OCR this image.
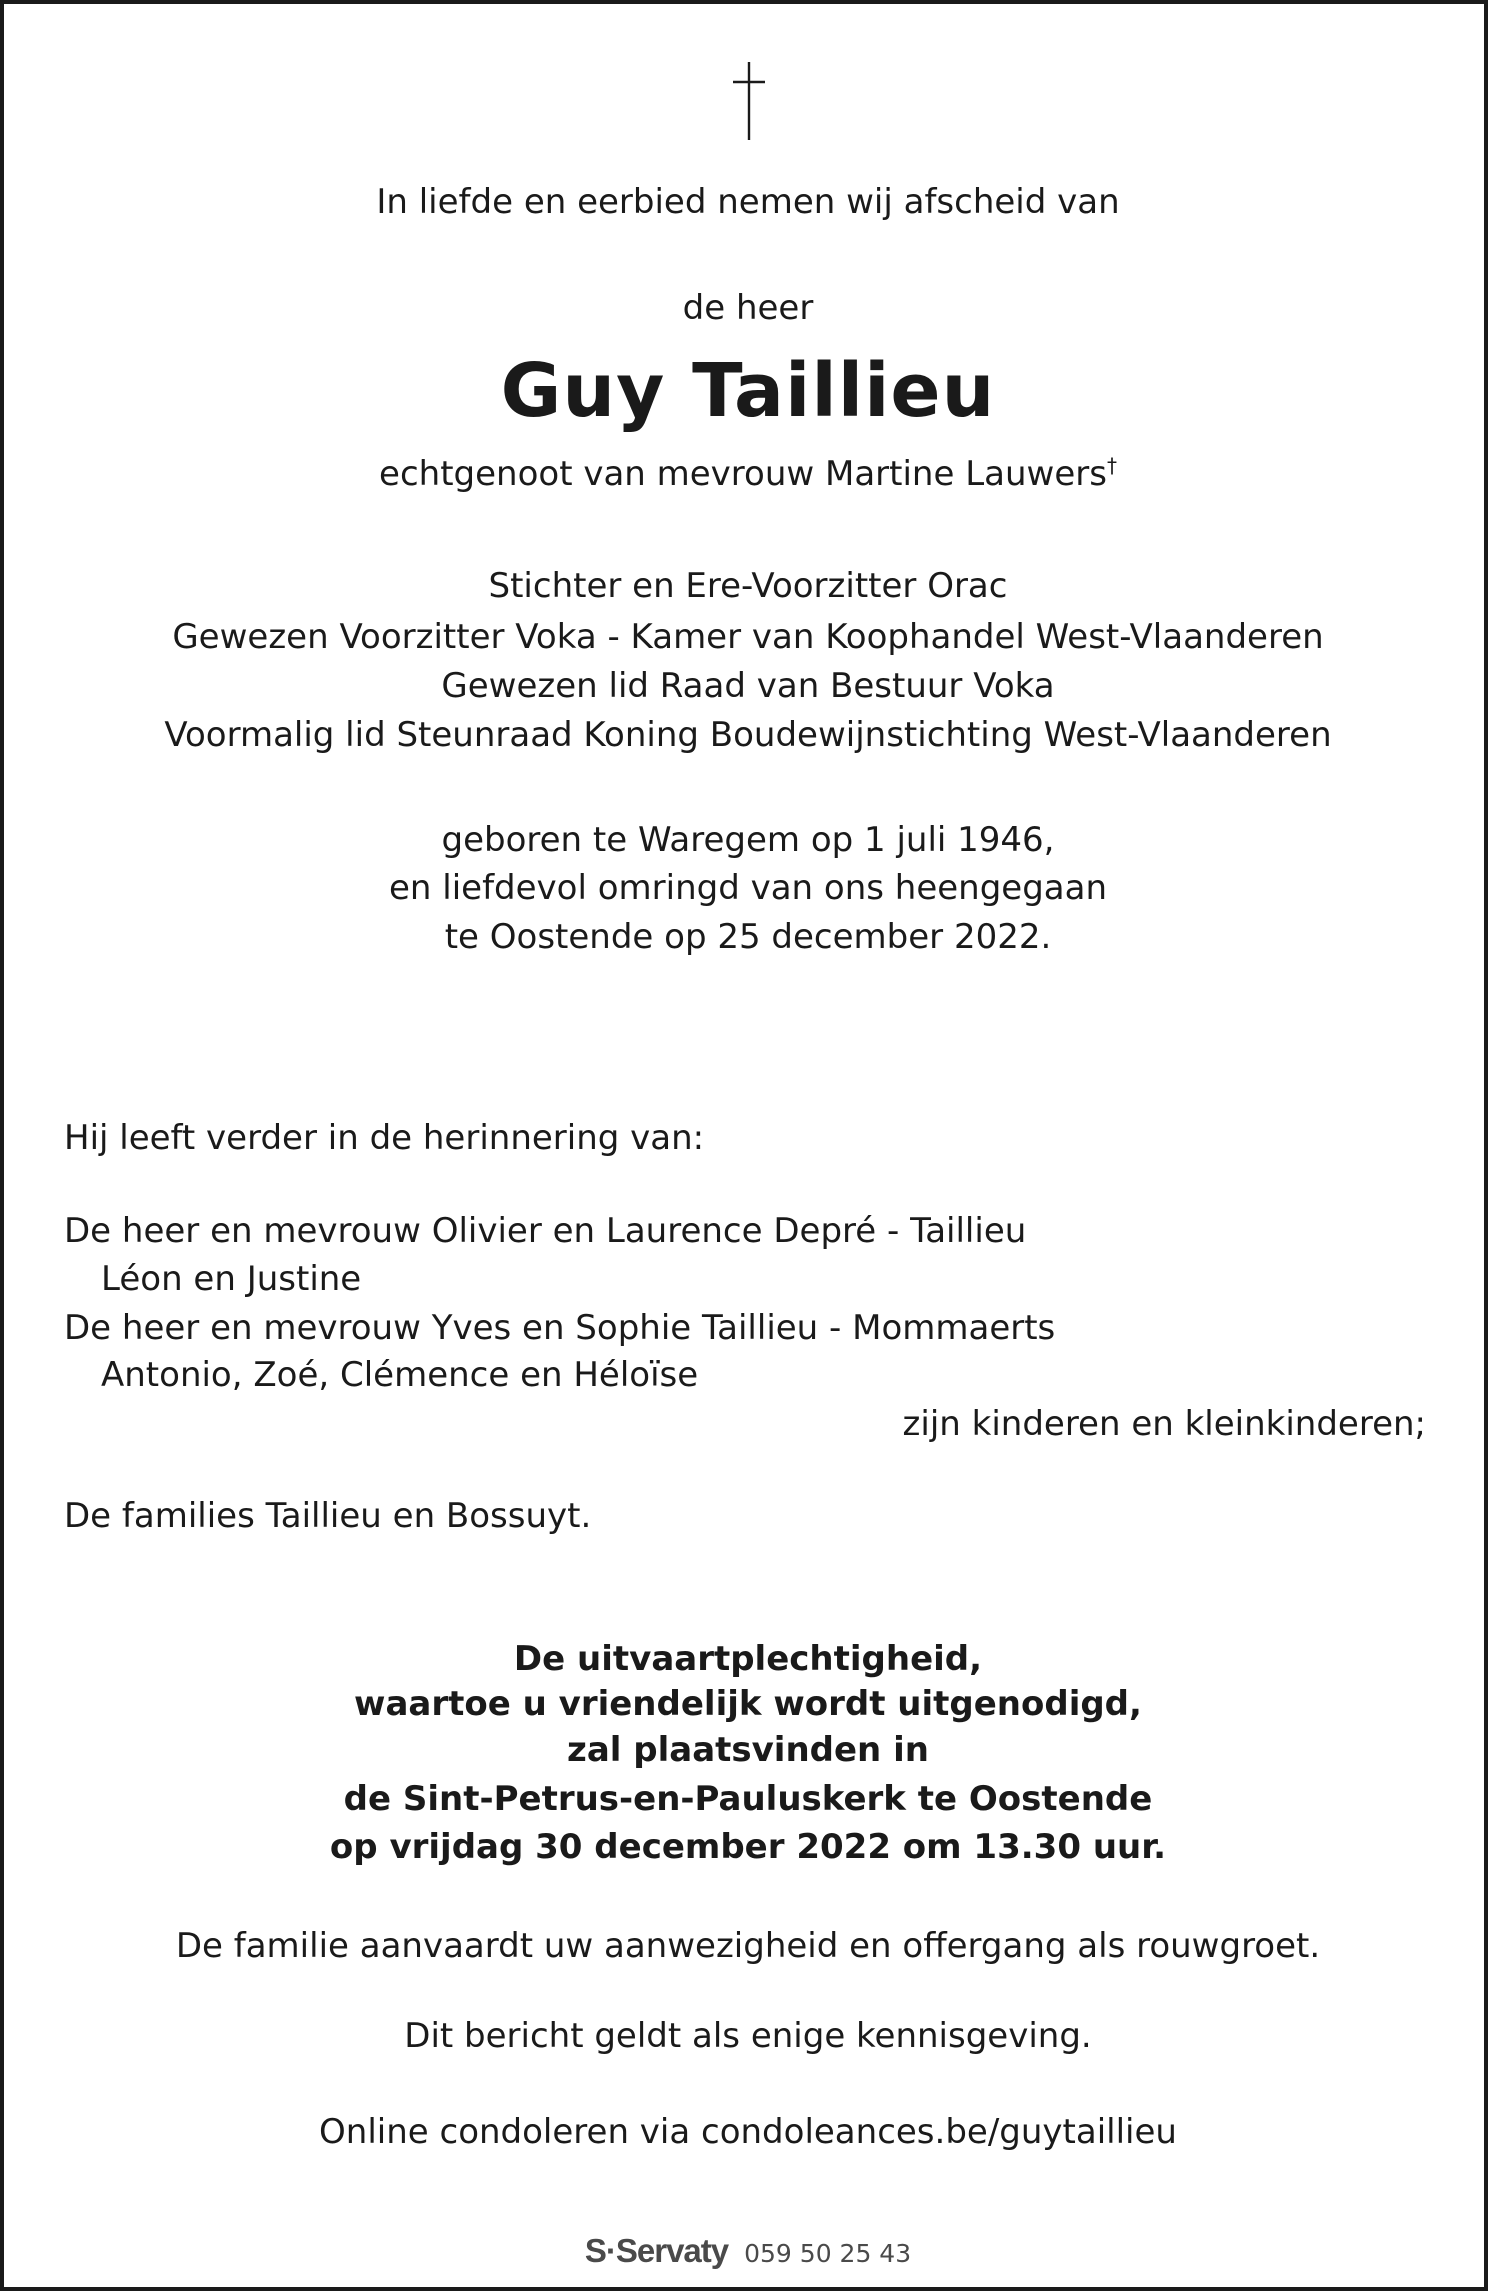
In liefde en eerbied nemen wij afscheid van
de heer
Guy Taillieu
echtgenoot van mevrouw Martine Lauwers†
Stichter en Ere-Voorzitter Orac
Gewezen Voorzitter Voka - Kamer van Koophandel West-Vlaanderen
Gewezen lid Raad van Bestuur Voka
Voormalig lid Steunraad Koning Boudewijnstichting West-Vlaanderen
geboren te Waregem op 1 juli 1946,
en liefdevol omringd van ons heengegaan
te Oostende op 25 december 2022.
Hij leeft verder in de herinnering van:
De heer en mevrouw Olivier en Laurence Depré - Taillieu
Léon en Justine
De heer en mevrouw Yves en Sophie Taillieu - Mommaerts
Antonio, Zoé, Clémence en Héloïse
zijn kinderen en kleinkinderen;
De families Taillieu en Bossuyt.
De uitvaartplechtigheid,
waartoe u vriendelijk wordt uitgenodigd,
zal plaatsvinden in
de Sint-Petrus-en-Pauluskerk te Oostende
op vrijdag 30 december 2022 om 13.30 uur.
De familie aanvaardt uw aanwezigheid en offergang als rouwgroet.
Dit bericht geldt als enige kennisgeving.
Online condoleren via condoleances.be/guytaillieu
S·Servaty 059 50 25 43
